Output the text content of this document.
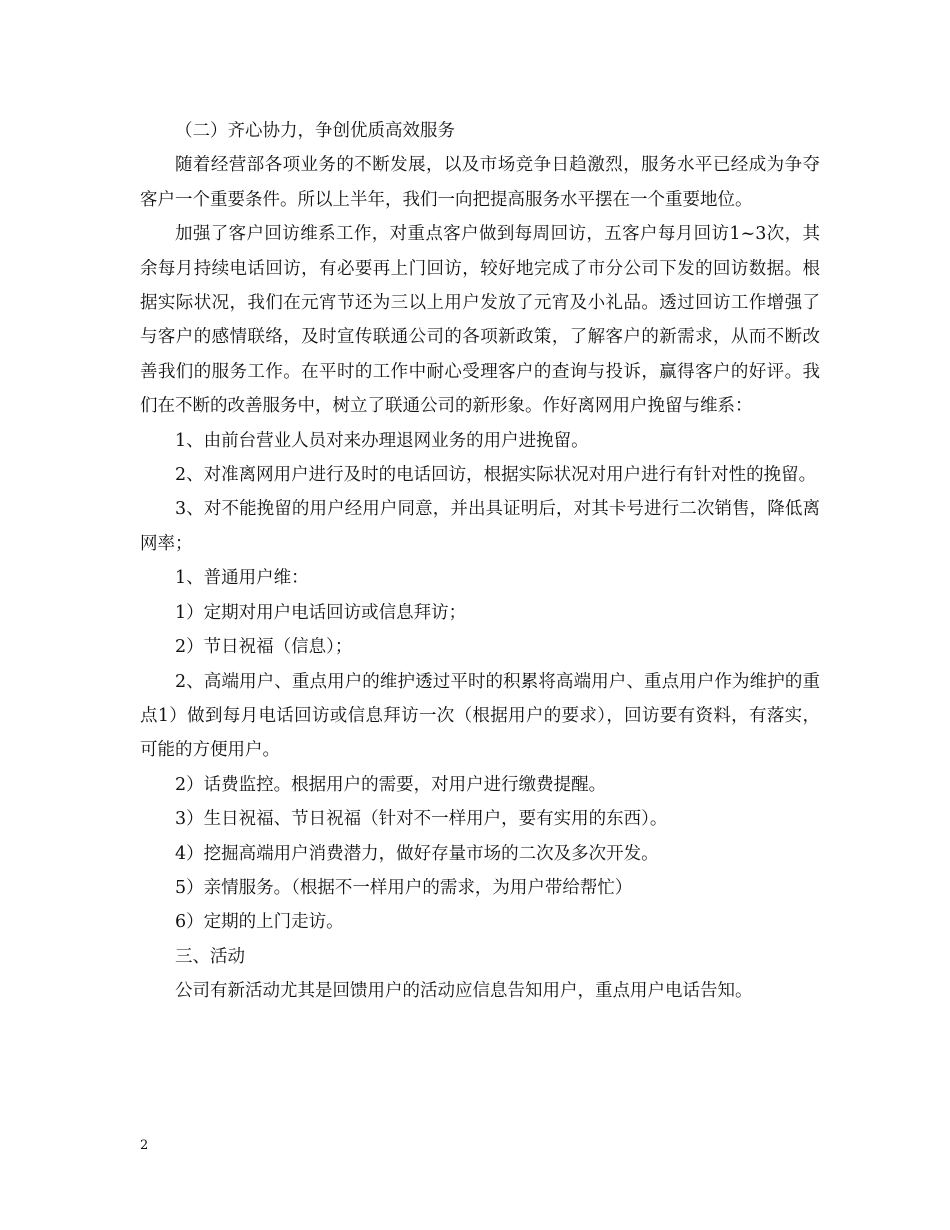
（二）齐心协力，争创优质高效服务

随着经营部各项业务的不断发展，以及市场竞争日趋激烈，服务水平已经成为争夺客户一个重要条件。所以上半年，我们一向把提高服务水平摆在一个重要地位。

加强了客户回访维系工作，对重点客户做到每周回访，五客户每月回访1~3次，其余每月持续电话回访，有必要再上门回访，较好地完成了市分公司下发的回访数据。根据实际状况，我们在元宵节还为三以上用户发放了元宵及小礼品。透过回访工作增强了与客户的感情联络，及时宣传联通公司的各项新政策，了解客户的新需求，从而不断改善我们的服务工作。在平时的工作中耐心受理客户的查询与投诉，赢得客户的好评。我们在不断的改善服务中，树立了联通公司的新形象。作好离网用户挽留与维系：

1、由前台营业人员对来办理退网业务的用户进挽留。

2、对准离网用户进行及时的电话回访，根据实际状况对用户进行有针对性的挽留。

3、对不能挽留的用户经用户同意，并出具证明后，对其卡号进行二次销售，降低离网率；

1、普通用户维：

1）定期对用户电话回访或信息拜访；

2）节日祝福（信息）；

2、高端用户、重点用户的维护透过平时的积累将高端用户、重点用户作为维护的重点1）做到每月电话回访或信息拜访一次（根据用户的要求），回访要有资料，有落实，可能的方便用户。

2）话费监控。根据用户的需要，对用户进行缴费提醒。

3）生日祝福、节日祝福（针对不一样用户，要有实用的东西）。

4）挖掘高端用户消费潜力，做好存量市场的二次及多次开发。

5）亲情服务。（根据不一样用户的需求，为用户带给帮忙）

6）定期的上门走访。

三、活动

公司有新活动尤其是回馈用户的活动应信息告知用户，重点用户电话告知。

2
